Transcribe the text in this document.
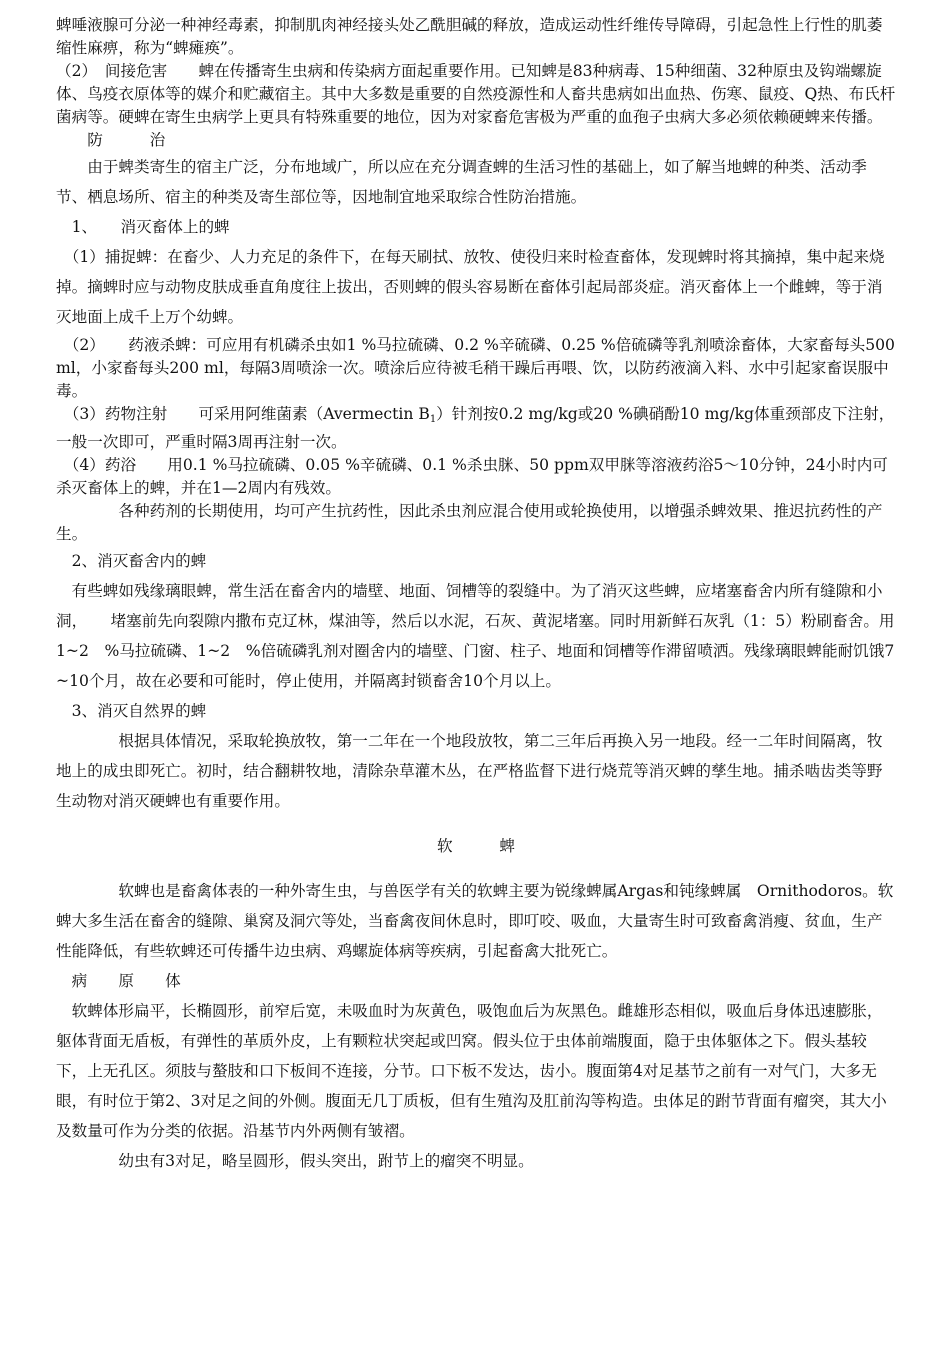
蜱唾液腺可分泌一种神经毒素，抑制肌肉神经接头处乙酰胆碱的释放，造成运动性纤维传导障碍，引起急性上行性的肌萎缩性麻痹，称为“蜱瘫痪”。

（2）　间接危害　　蜱在传播寄生虫病和传染病方面起重要作用。已知蜱是83种病毒、15种细菌、32种原虫及钩端螺旋体、鸟疫衣原体等的媒介和贮藏宿主。其中大多数是重要的自然疫源性和人畜共患病如出血热、伤寒、鼠疫、Q热、布氏杆菌病等。硬蜱在寄生虫病学上更具有特殊重要的地位，因为对家畜危害极为严重的血孢子虫病大多必须依赖硬蜱来传播。

　　防　　　治

　　由于蜱类寄生的宿主广泛，分布地域广，所以应在充分调查蜱的生活习性的基础上，如了解当地蜱的种类、活动季节、栖息场所、宿主的种类及寄生部位等，因地制宜地采取综合性防治措施。

　1、　　消灭畜体上的蜱

　（1）捕捉蜱：在畜少、人力充足的条件下，在每天刷拭、放牧、使役归来时检查畜体，发现蜱时将其摘掉，集中起来烧掉。摘蜱时应与动物皮肤成垂直角度往上拔出，否则蜱的假头容易断在畜体引起局部炎症。消灭畜体上一个雌蜱，等于消灭地面上成千上万个幼蜱。

　（2）　　药液杀蜱：可应用有机磷杀虫如1 %马拉硫磷、0.2 %辛硫磷、0.25 %倍硫磷等乳剂喷涂畜体，大家畜每头500 ml，小家畜每头200 ml，每隔3周喷涂一次。喷涂后应待被毛稍干躁后再喂、饮，以防药液滴入料、水中引起家畜误服中毒。

　（3）药物注射　　可采用阿维菌素（Avermectin $B_1$）针剂按0.2 mg/kg或20 %碘硝酚10 mg/kg体重颈部皮下注射，一般一次即可，严重时隔3周再注射一次。

　（4）药浴　　用0.1 %马拉硫磷、0.05 %辛硫磷、0.1 %杀虫脒、50 ppm双甲脒等溶液药浴5～10分钟，24小时内可杀灭畜体上的蜱，并在1—2周内有残效。

　　　　各种药剂的长期使用，均可产生抗药性，因此杀虫剂应混合使用或轮换使用，以增强杀蜱效果、推迟抗药性的产生。

　2、消灭畜舍内的蜱

　有些蜱如残缘璃眼蜱，常生活在畜舍内的墙壁、地面、饲槽等的裂缝中。为了消灭这些蜱，应堵塞畜舍内所有缝隙和小洞，　　堵塞前先向裂隙内撒布克辽林，煤油等，然后以水泥，石灰、黄泥堵塞。同时用新鲜石灰乳（1：5）粉刷畜舍。用1~2　%马拉硫磷、1~2　%倍硫磷乳剂对圈舍内的墙壁、门窗、柱子、地面和饲槽等作滞留喷洒。残缘璃眼蜱能耐饥饿7~10个月，故在必要和可能时，停止使用，并隔离封锁畜舍10个月以上。

　3、消灭自然界的蜱

　　　　根据具体情况，采取轮换放牧，第一二年在一个地段放牧，第二三年后再换入另一地段。经一二年时间隔离，牧地上的成虫即死亡。初时，结合翻耕牧地，清除杂草灌木丛，在严格监督下进行烧荒等消灭蜱的孳生地。捕杀啮齿类等野生动物对消灭硬蜱也有重要作用。

软　　　蜱

　　　　软蜱也是畜禽体表的一种外寄生虫，与兽医学有关的软蜱主要为锐缘蜱属Argas和钝缘蜱属　Ornithodoros。软蜱大多生活在畜舍的缝隙、巢窝及洞穴等处，当畜禽夜间休息时，即叮咬、吸血，大量寄生时可致畜禽消瘦、贫血，生产性能降低，有些软蜱还可传播牛边虫病、鸡螺旋体病等疾病，引起畜禽大批死亡。

　病　　原　　体

　软蜱体形扁平，长椭圆形，前窄后宽，未吸血时为灰黄色，吸饱血后为灰黑色。雌雄形态相似，吸血后身体迅速膨胀，躯体背面无盾板，有弹性的革质外皮，上有颗粒状突起或凹窝。假头位于虫体前端腹面，隐于虫体躯体之下。假头基较下，上无孔区。须肢与螯肢和口下板间不连接，分节。口下板不发达，齿小。腹面第4对足基节之前有一对气门，大多无眼，有时位于第2、3对足之间的外侧。腹面无几丁质板，但有生殖沟及肛前沟等构造。虫体足的跗节背面有瘤突，其大小及数量可作为分类的依据。沿基节内外两侧有皱褶。

　　　　幼虫有3对足，略呈圆形，假头突出，跗节上的瘤突不明显。
